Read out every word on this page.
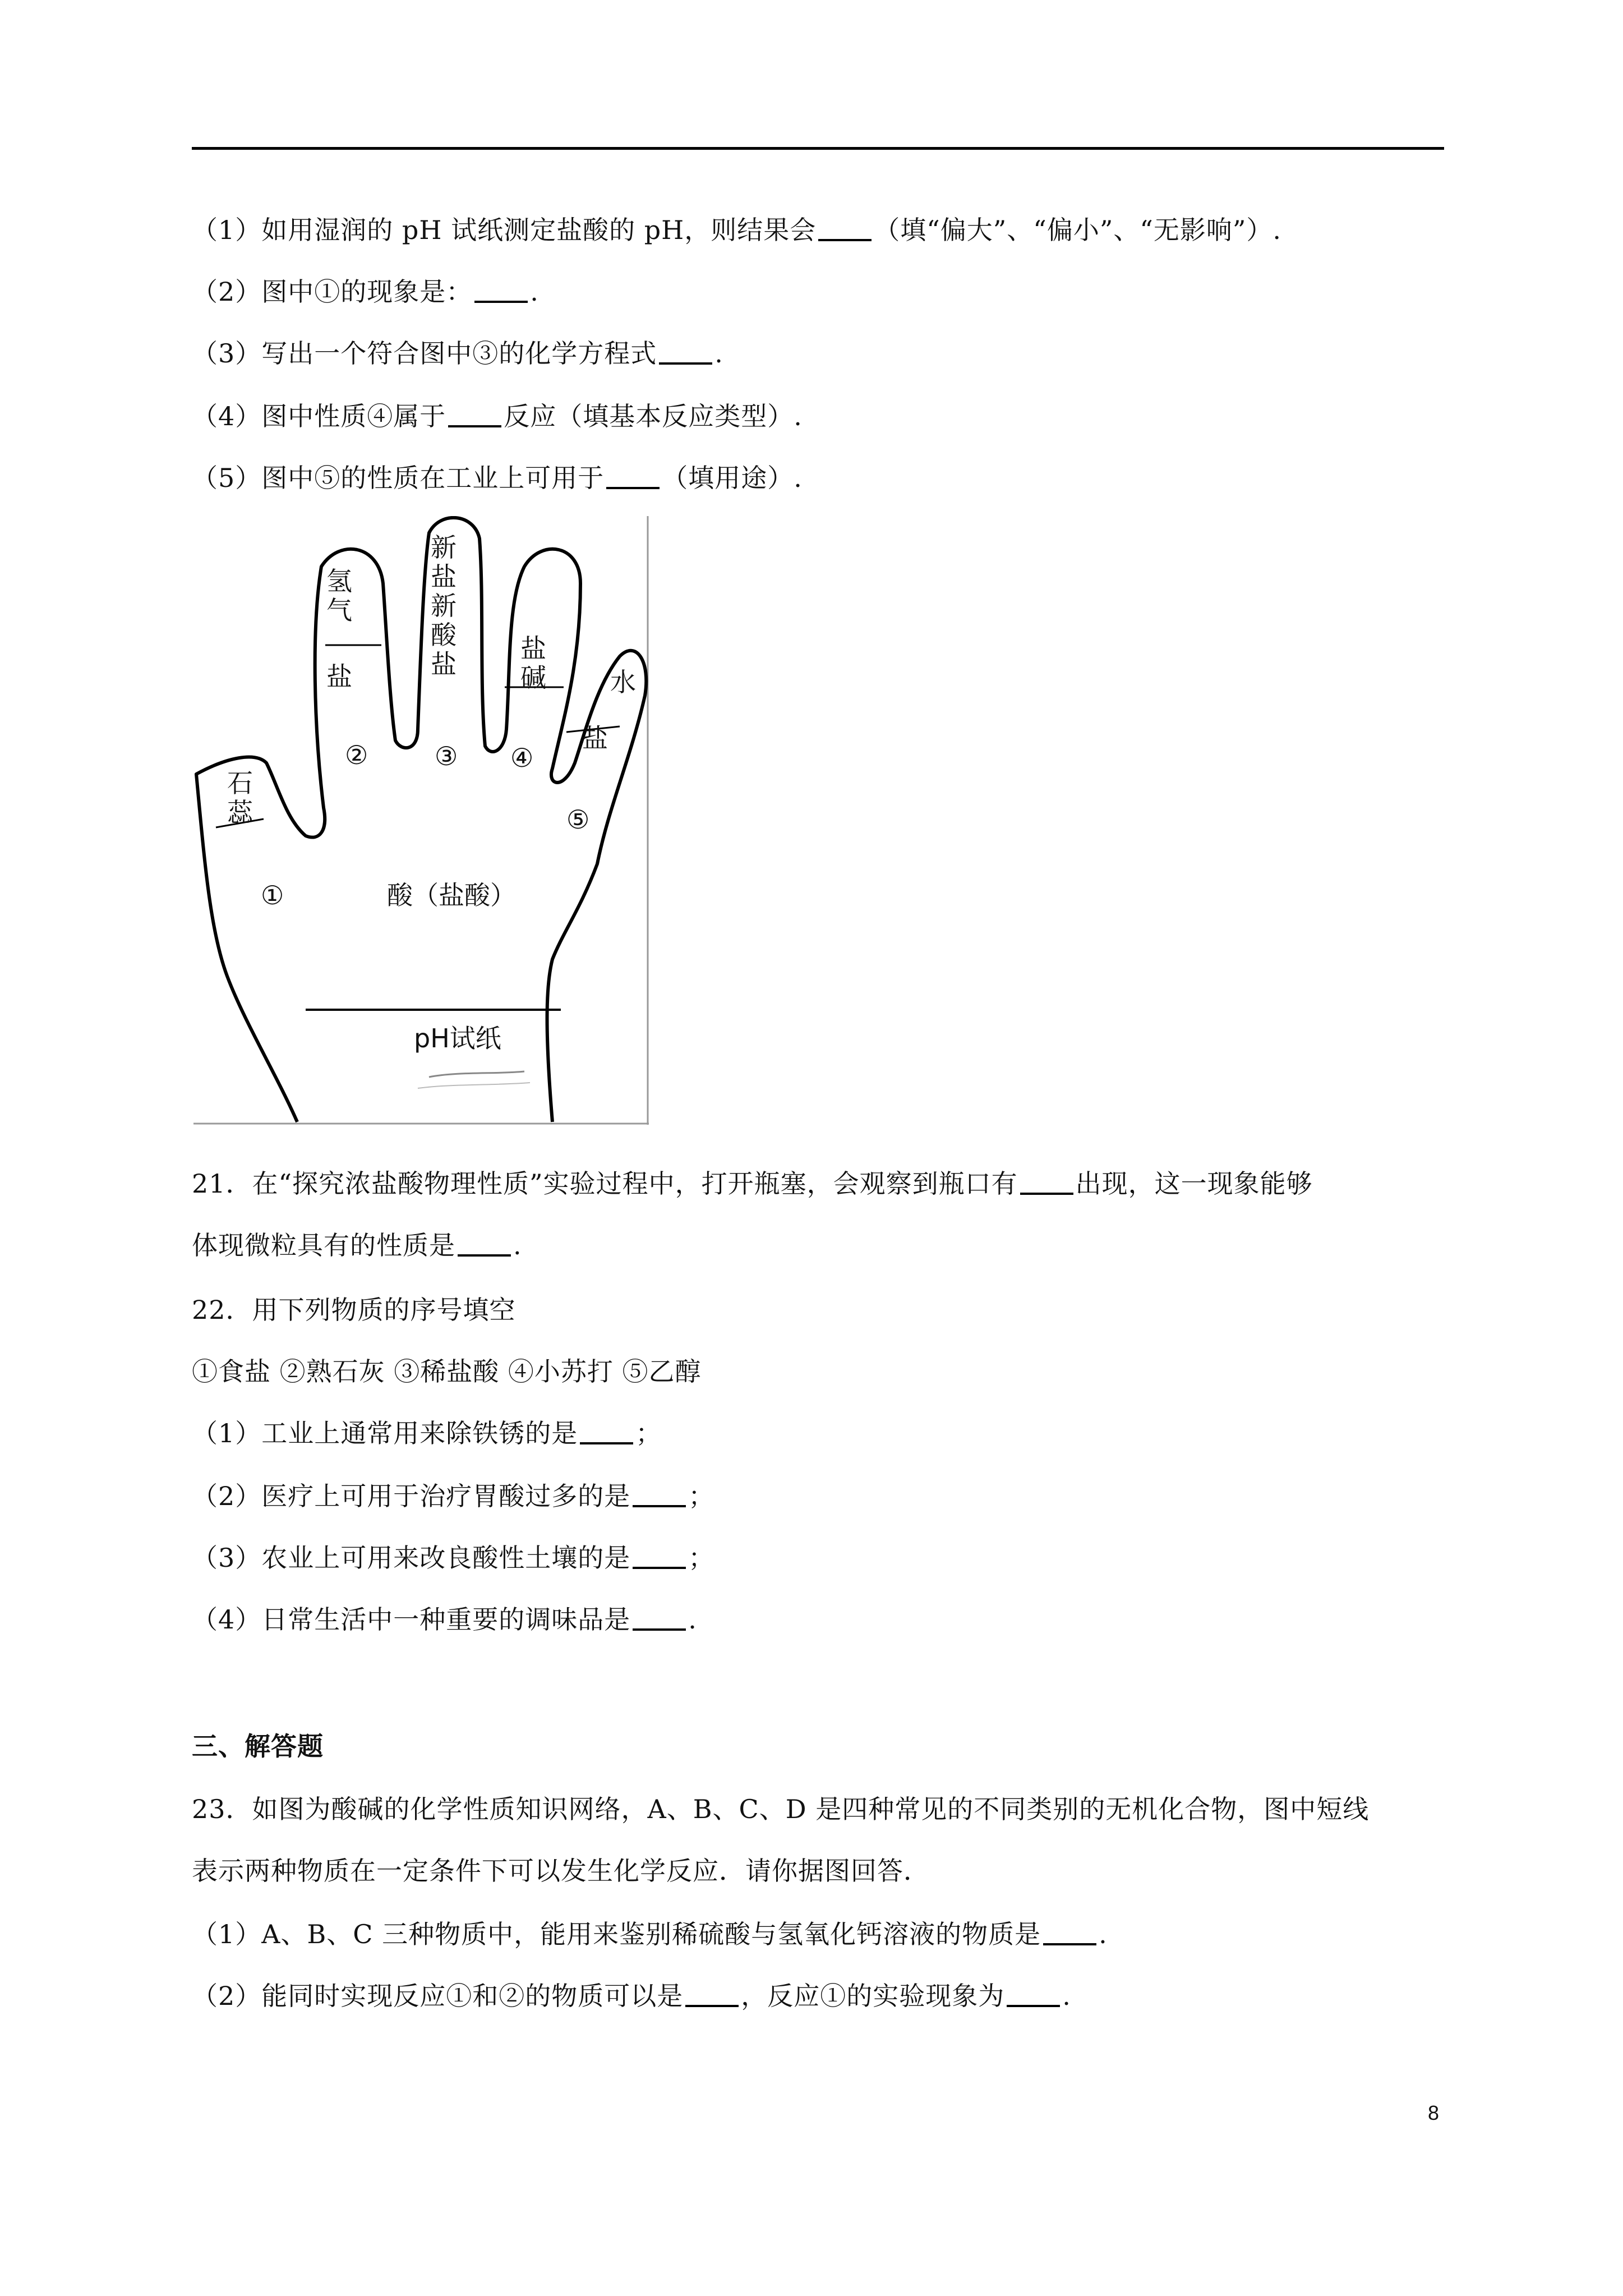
（1）如用湿润的 pH 试纸测定盐酸的 pH，则结果会 （填“偏大”、“偏小”、“无影响”）.
（2）图中①的现象是： .
（3）写出一个符合图中③的化学方程式 .
（4）图中性质④属于 反应（填基本反应类型）.
（5）图中⑤的性质在工业上可用于 （填用途）.
石蕊
氢气
盐
新盐新酸盐
盐碱 水
盐
①
②	③ ④
⑤
酸（盐酸）
pH试纸
21．在“探究浓盐酸物理性质”实验过程中，打开瓶塞，会观察到瓶口有 出现，这一现象能够
体现微粒具有的性质是 .
22．用下列物质的序号填空
①食盐 ②熟石灰 ③稀盐酸 ④小苏打 ⑤乙醇
（1）工业上通常用来除铁锈的是 ；
（2）医疗上可用于治疗胃酸过多的是 ；
（3）农业上可用来改良酸性土壤的是 ；
（4）日常生活中一种重要的调味品是 .
三、解答题
23．如图为酸碱的化学性质知识网络，A、B、C、D 是四种常见的不同类别的无机化合物，图中短线
表示两种物质在一定条件下可以发生化学反应．请你据图回答．
（1）A、B、C 三种物质中，能用来鉴别稀硫酸与氢氧化钙溶液的物质是 .
（2）能同时实现反应①和②的物质可以是 ，反应①的实验现象为 .
8
